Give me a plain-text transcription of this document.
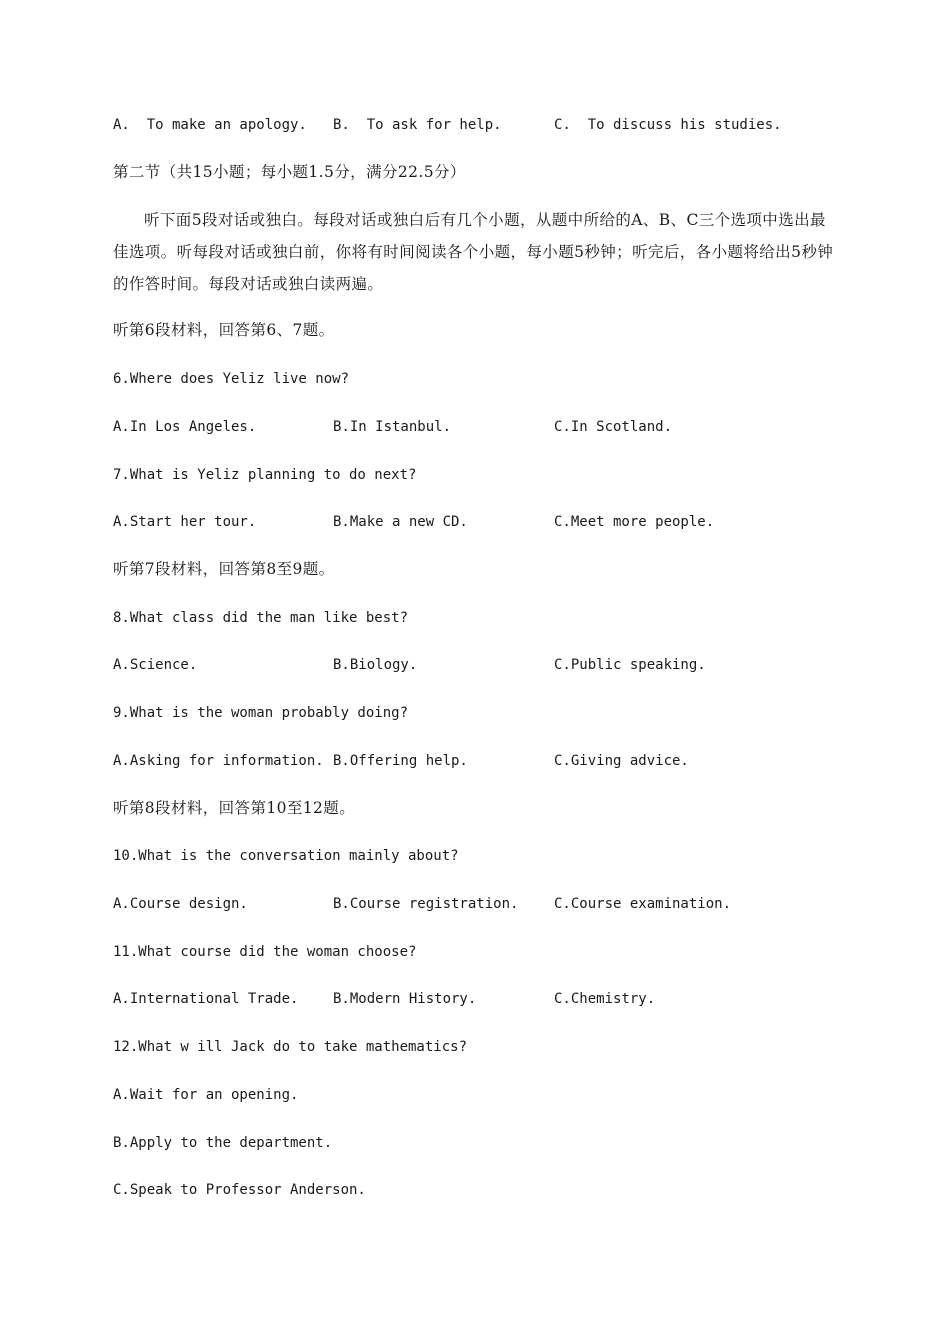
A.  To make an apology. B.  To ask for help.	C.  To discuss his studies.
第二节（共15小题；每小题1.5分，满分22.5分）
听下面5段对话或独白。每段对话或独白后有几个小题，从题中所给的A、B、C三个选项中选出最佳选项。听每段对话或独白前，你将有时间阅读各个小题，每小题5秒钟；听完后，各小题将给出5秒钟的作答时间。每段对话或独白读两遍。
听第6段材料，回答第6、7题。
6.Where does Yeliz live now?
A.In Los Angeles.	B.In Istanbul.	C.In Scotland.
7.What is Yeliz planning to do next?
A.Start her tour.	B.Make a new CD.	C.Meet more people.
听第7段材料，回答第8至9题。
8.What class did the man like best?
A.Science.	B.Biology.	C.Public speaking.
9.What is the woman probably doing?
A.Asking for information. B.Offering help.	C.Giving advice.
听第8段材料，回答第10至12题。
10.What is the conversation mainly about?
A.Course design.	B.Course registration.	C.Course examination.
11.What course did the woman choose?
A.International Trade. B.Modern History.	C.Chemistry.
12.What w ill Jack do to take mathematics?
A.Wait for an opening.
B.Apply to the department.
C.Speak to Professor Anderson.
